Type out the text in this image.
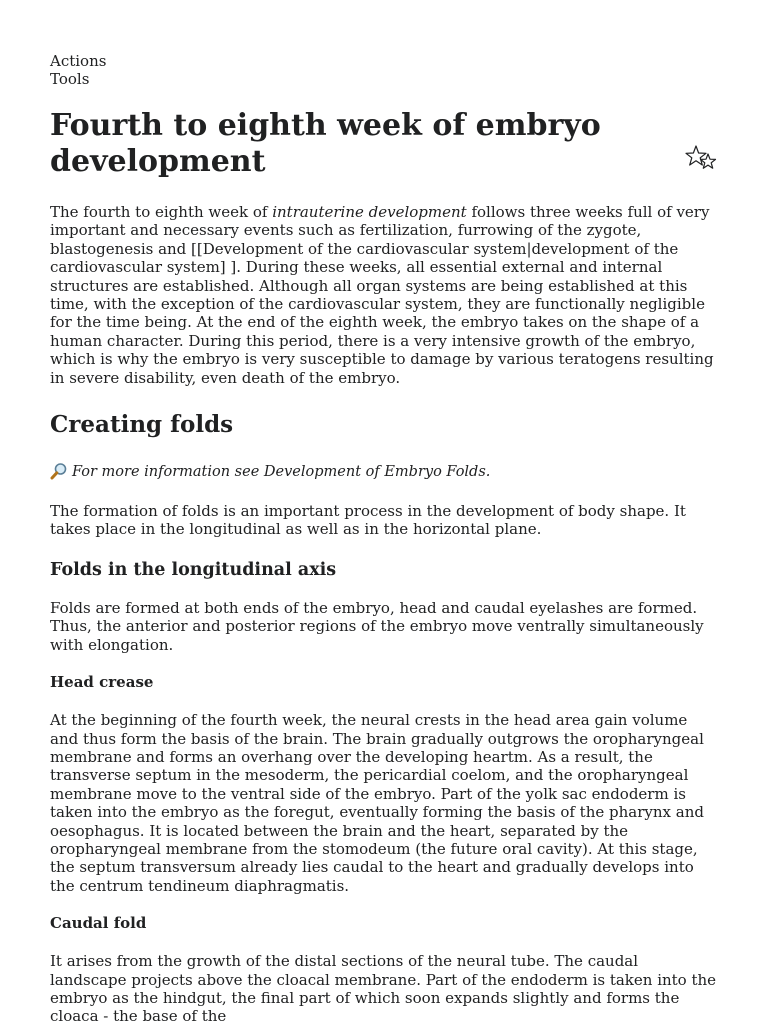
Actions
Tools
Fourth to eighth week of embryo development

The fourth to eighth week of intrauterine development follows three weeks full of very important and necessary events such as fertilization, furrowing of the zygote, blastogenesis and [[Development of the cardiovascular system|development of the cardiovascular system] ]. During these weeks, all essential external and internal structures are established. Although all organ systems are being established at this time, with the exception of the cardiovascular system, they are functionally negligible for the time being. At the end of the eighth week, the embryo takes on the shape of a human character. During this period, there is a very intensive growth of the embryo, which is why the embryo is very susceptible to damage by various teratogens resulting in severe disability, even death of the embryo.

Creating folds
For more information see Development of Embryo Folds.

The formation of folds is an important process in the development of body shape. It takes place in the longitudinal as well as in the horizontal plane.

Folds in the longitudinal axis

Folds are formed at both ends of the embryo, head and caudal eyelashes are formed. Thus, the anterior and posterior regions of the embryo move ventrally simultaneously with elongation.

Head crease

At the beginning of the fourth week, the neural crests in the head area gain volume and thus form the basis of the brain. The brain gradually outgrows the oropharyngeal membrane and forms an overhang over the developing heartm. As a result, the transverse septum in the mesoderm, the pericardial coelom, and the oropharyngeal membrane move to the ventral side of the embryo. Part of the yolk sac endoderm is taken into the embryo as the foregut, eventually forming the basis of the pharynx and oesophagus. It is located between the brain and the heart, separated by the oropharyngeal membrane from the stomodeum (the future oral cavity). At this stage, the septum transversum already lies caudal to the heart and gradually develops into the centrum tendineum diaphragmatis.

Caudal fold

It arises from the growth of the distal sections of the neural tube. The caudal landscape projects above the cloacal membrane. Part of the endoderm is taken into the embryo as the hindgut, the final part of which soon expands slightly and forms the cloaca - the base of the
